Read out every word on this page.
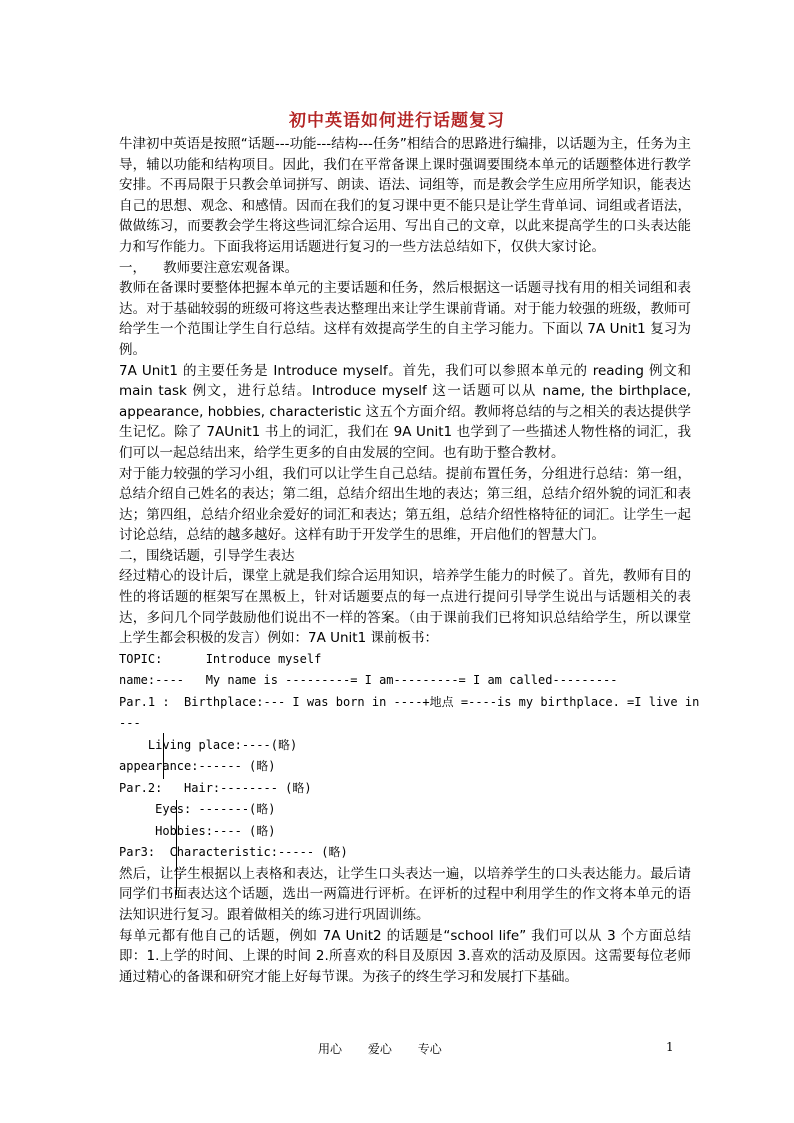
初中英语如何进行话题复习

牛津初中英语是按照“话题---功能---结构---任务”相结合的思路进行编排，以话题为主，任务为主导，辅以功能和结构项目。因此，我们在平常备课上课时强调要围绕本单元的话题整体进行教学安排。不再局限于只教会单词拼写、朗读、语法、词组等，而是教会学生应用所学知识，能表达自己的思想、观念、和感情。因而在我们的复习课中更不能只是让学生背单词、词组或者语法，做做练习，而要教会学生将这些词汇综合运用、写出自己的文章，以此来提高学生的口头表达能力和写作能力。下面我将运用话题进行复习的一些方法总结如下，仅供大家讨论。

一，    教师要注意宏观备课。

教师在备课时要整体把握本单元的主要话题和任务，然后根据这一话题寻找有用的相关词组和表达。对于基础较弱的班级可将这些表达整理出来让学生课前背诵。对于能力较强的班级，教师可给学生一个范围让学生自行总结。这样有效提高学生的自主学习能力。下面以 7A Unit1 复习为例。

7A Unit1 的主要任务是 Introduce myself。首先，我们可以参照本单元的 reading 例文和 main task 例文，进行总结。Introduce myself 这一话题可以从 name, the birthplace, appearance, hobbies, characteristic 这五个方面介绍。教师将总结的与之相关的表达提供学生记忆。除了 7AUnit1 书上的词汇，我们在 9A Unit1 也学到了一些描述人物性格的词汇，我们可以一起总结出来，给学生更多的自由发展的空间。也有助于整合教材。

对于能力较强的学习小组，我们可以让学生自己总结。提前布置任务，分组进行总结：第一组，总结介绍自己姓名的表达；第二组，总结介绍出生地的表达；第三组，总结介绍外貌的词汇和表达；第四组，总结介绍业余爱好的词汇和表达；第五组，总结介绍性格特征的词汇。让学生一起讨论总结，总结的越多越好。这样有助于开发学生的思维，开启他们的智慧大门。

二，围绕话题，引导学生表达

经过精心的设计后，课堂上就是我们综合运用知识，培养学生能力的时候了。首先，教师有目的性的将话题的框架写在黑板上，针对话题要点的每一点进行提问引导学生说出与话题相关的表达，多问几个同学鼓励他们说出不一样的答案。（由于课前我们已将知识总结给学生，所以课堂上学生都会积极的发言）例如：7A Unit1 课前板书：

TOPIC:      Introduce myself

name:----   My name is ---------= I am---------= I am called---------

Par.1 :  Birthplace:--- I was born in ----+地点 =----is my birthplace. =I live in

---

Living place:----(略)

appearance:------ (略)

Par.2:   Hair:-------- (略)

Eyes: -------(略)

Hobbies:---- (略)

Par3:  Characteristic:----- (略)

然后，让学生根据以上表格和表达，让学生口头表达一遍，以培养学生的口头表达能力。最后请同学们书面表达这个话题，选出一两篇进行评析。在评析的过程中利用学生的作文将本单元的语法知识进行复习。跟着做相关的练习进行巩固训练。

每单元都有他自己的话题，例如 7A Unit2 的话题是“school life” 我们可以从 3 个方面总结即：1.上学的时间、上课的时间 2.所喜欢的科目及原因 3.喜欢的活动及原因。这需要每位老师通过精心的备课和研究才能上好每节课。为孩子的终生学习和发展打下基础。

用心 爱心 专心	1
